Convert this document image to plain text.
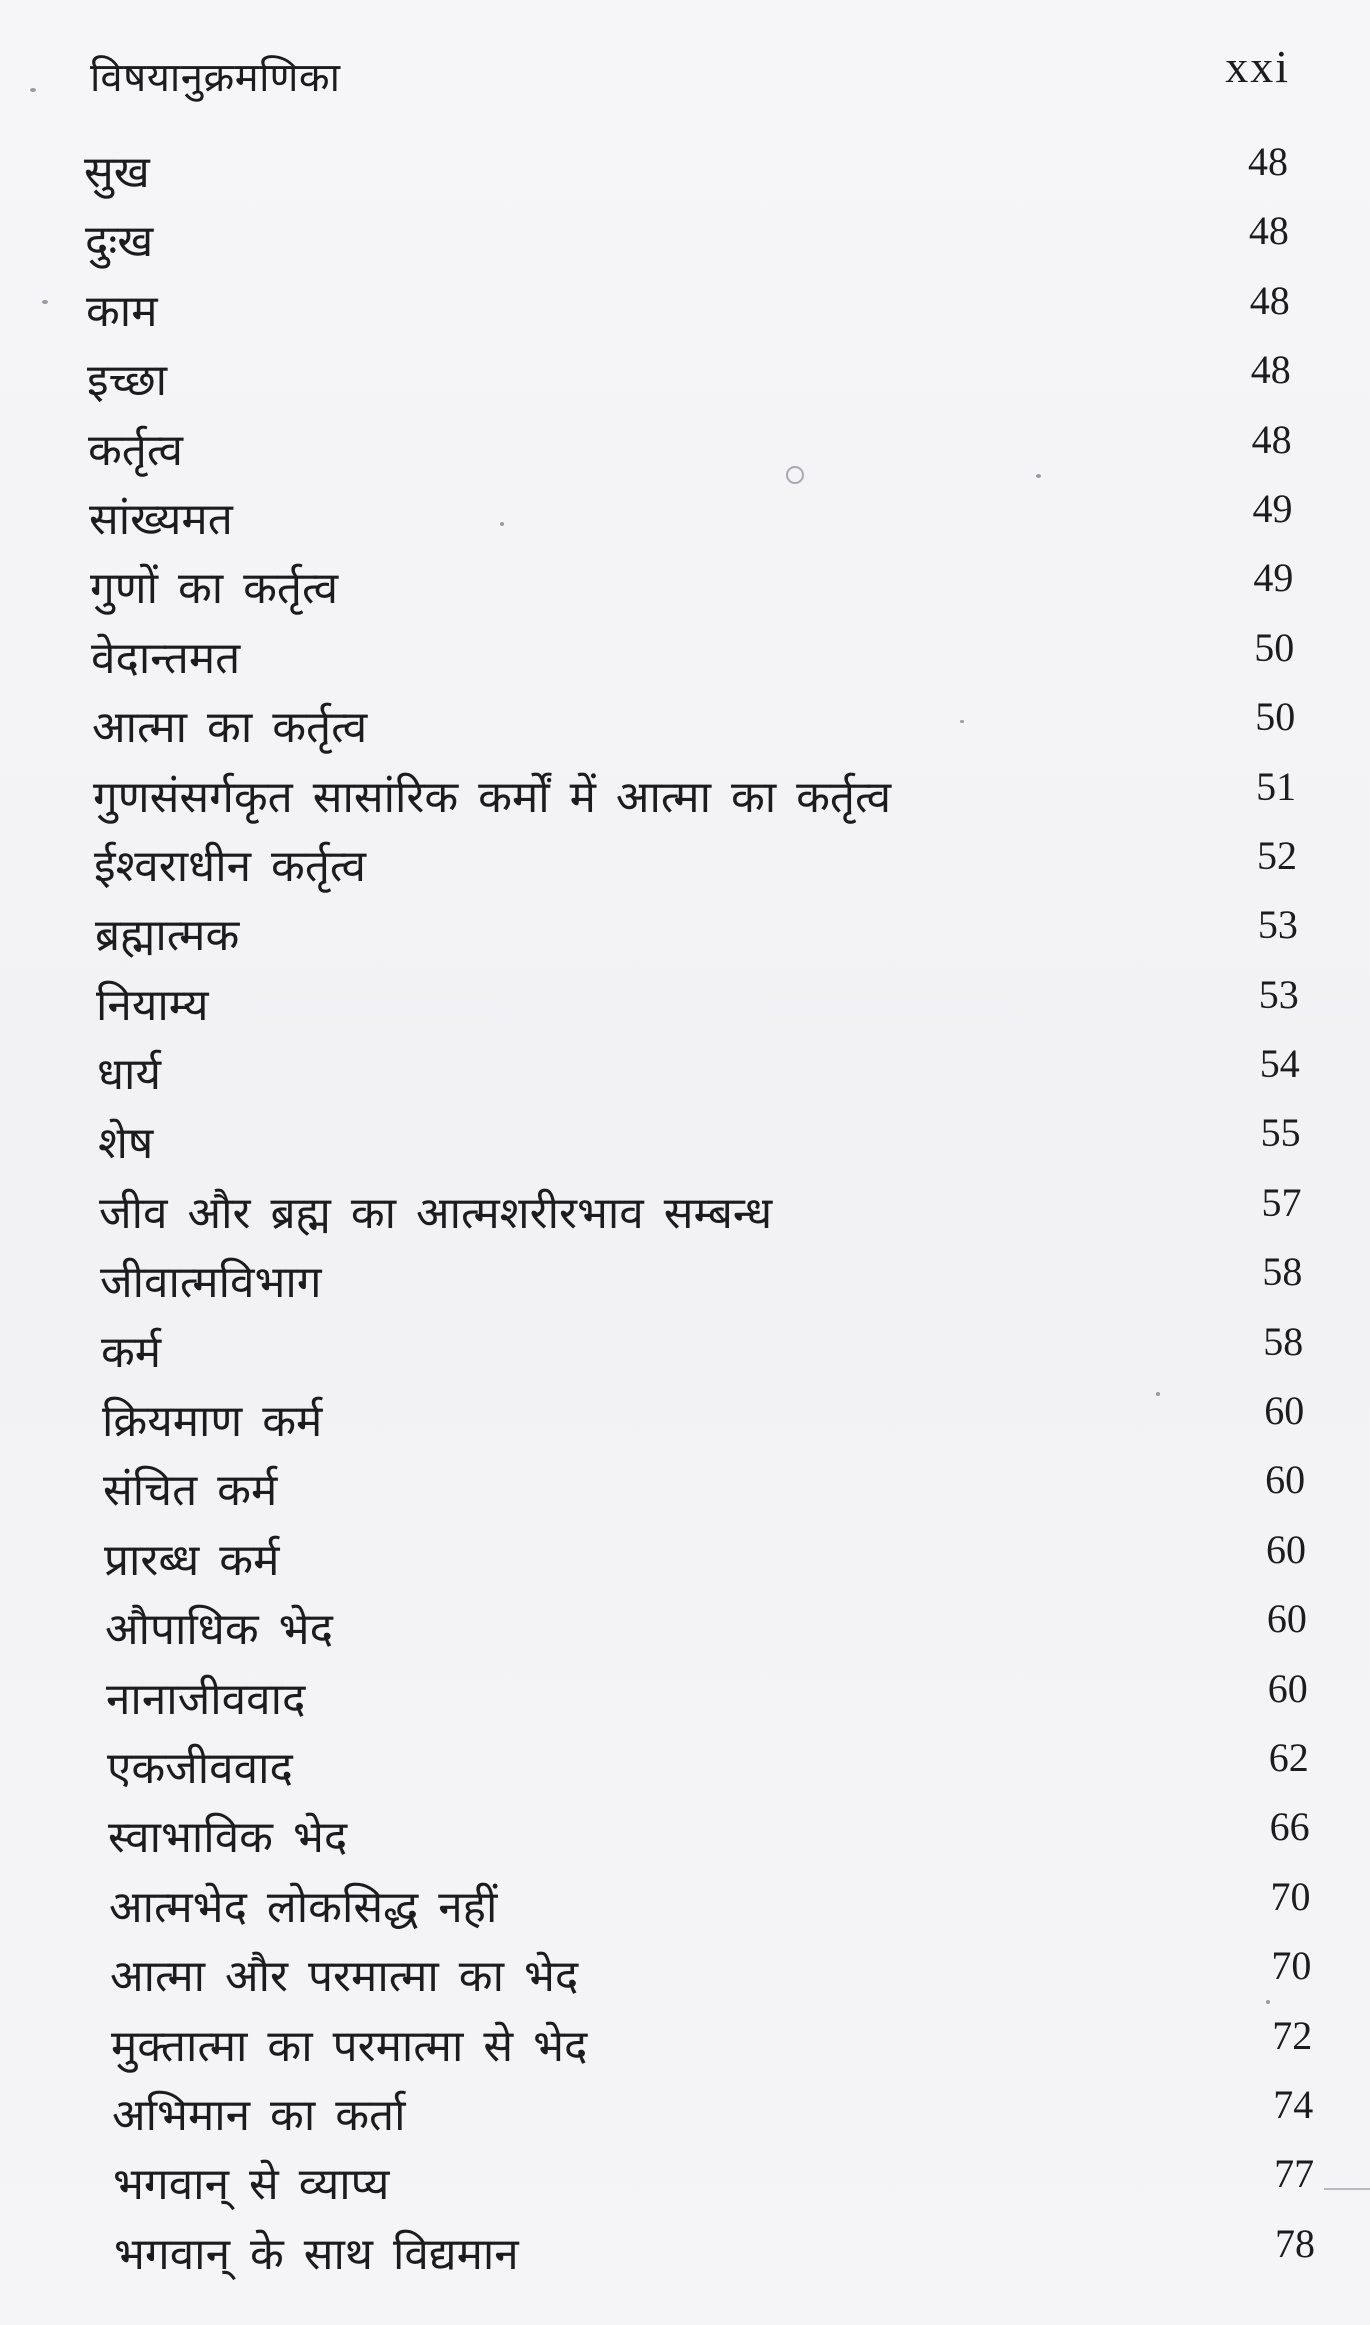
विषयानुक्रमणिका	xxi
सुख	48
दुःख	48
काम	48
इच्छा	48
कर्तृत्व	48
सांख्यमत	49
गुणों का कर्तृत्व	49
वेदान्तमत	50
आत्मा का कर्तृत्व	50
गुणसंसर्गकृत सासांरिक कर्मों में आत्मा का कर्तृत्व	51
ईश्वराधीन कर्तृत्व	52
ब्रह्मात्मक	53
नियाम्य	53
धार्य	54
शेष	55
जीव और ब्रह्म का आत्मशरीरभाव सम्बन्ध	57
जीवात्मविभाग	58
कर्म	58
क्रियमाण कर्म	60
संचित कर्म	60
प्रारब्ध कर्म	60
औपाधिक भेद	60
नानाजीववाद	60
एकजीववाद	62
स्वाभाविक भेद	66
आत्मभेद लोकसिद्ध नहीं	70
आत्मा और परमात्मा का भेद	70
मुक्तात्मा का परमात्मा से भेद	72
अभिमान का कर्ता	74
भगवान् से व्याप्य	77
भगवान् के साथ विद्यमान	78
